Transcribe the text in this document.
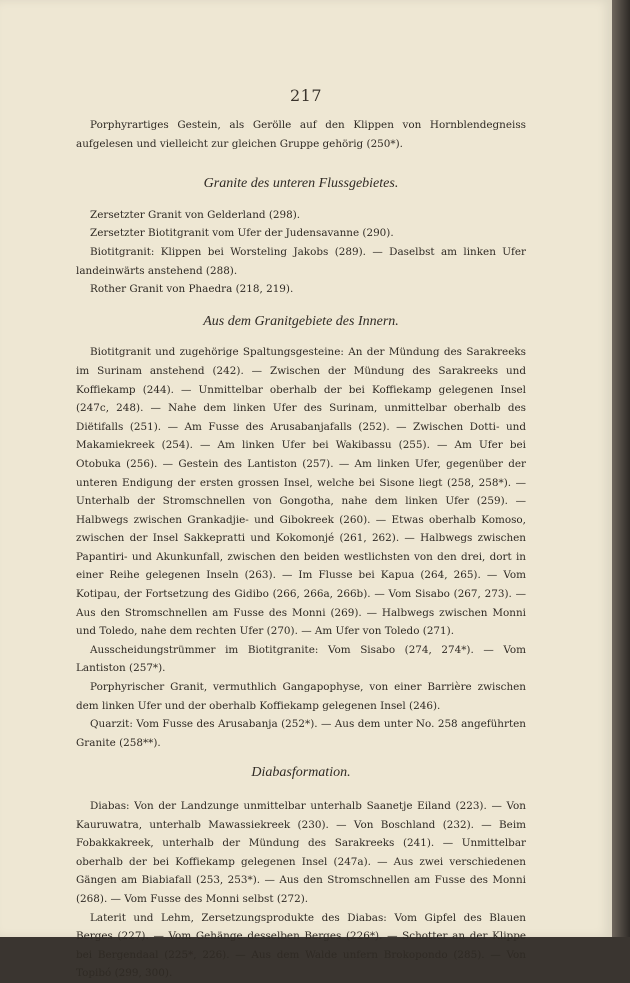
217

Porphyrartiges Gestein, als Gerölle auf den Klippen von Hornblendegneiss aufgelesen und vielleicht zur gleichen Gruppe gehörig (250*).

Granite des unteren Flussgebietes.

Zersetzter Granit von Gelderland (298).

Zersetzter Biotitgranit vom Ufer der Judensavanne (290).

Biotitgranit: Klippen bei Worsteling Jakobs (289). — Daselbst am linken Ufer landeinwärts anstehend (288).

Rother Granit von Phaedra (218, 219).

Aus dem Granitgebiete des Innern.

Biotitgranit und zugehörige Spaltungsgesteine: An der Mündung des Sarakreeks im Surinam anstehend (242). — Zwischen der Mündung des Sarakreeks und Koffiekamp (244). — Unmittelbar oberhalb der bei Koffiekamp gelegenen Insel (247c, 248). — Nahe dem linken Ufer des Surinam, unmittelbar oberhalb des Diëtifalls (251). — Am Fusse des Arusabanjafalls (252). — Zwischen Dotti- und Makamiekreek (254). — Am linken Ufer bei Wakibassu (255). — Am Ufer bei Otobuka (256). — Gestein des Lantiston (257). — Am linken Ufer, gegenüber der unteren Endigung der ersten grossen Insel, welche bei Sisone liegt (258, 258*). — Unterhalb der Stromschnellen von Gongotha, nahe dem linken Ufer (259). — Halbwegs zwischen Grankadjie- und Gibokreek (260). — Etwas oberhalb Komoso, zwischen der Insel Sakkepratti und Kokomonjé (261, 262). — Halbwegs zwischen Papantiri- und Akunkunfall, zwischen den beiden westlichsten von den drei, dort in einer Reihe gelegenen Inseln (263). — Im Flusse bei Kapua (264, 265). — Vom Kotipau, der Fortsetzung des Gidibo (266, 266a, 266b). — Vom Sisabo (267, 273). — Aus den Stromschnellen am Fusse des Monni (269). — Halbwegs zwischen Monni und Toledo, nahe dem rechten Ufer (270). — Am Ufer von Toledo (271).

Ausscheidungstrümmer im Biotitgranite: Vom Sisabo (274, 274*). — Vom Lantiston (257*).

Porphyrischer Granit, vermuthlich Gangapophyse, von einer Barrière zwischen dem linken Ufer und der oberhalb Koffiekamp gelegenen Insel (246).

Quarzit: Vom Fusse des Arusabanja (252*). — Aus dem unter No. 258 angeführten Granite (258**).

Diabasformation.

Diabas: Von der Landzunge unmittelbar unterhalb Saanetje Eiland (223). — Von Kauruwatra, unterhalb Mawassiekreek (230). — Von Boschland (232). — Beim Fobakkakreek, unterhalb der Mündung des Sarakreeks (241). — Unmittelbar oberhalb der bei Koffiekamp gelegenen Insel (247a). — Aus zwei verschiedenen Gängen am Biabiafall (253, 253*). — Aus den Stromschnellen am Fusse des Monni (268). — Vom Fusse des Monni selbst (272).

Laterit und Lehm, Zersetzungsprodukte des Diabas: Vom Gipfel des Blauen Berges (227). — Vom Gehänge desselben Berges (226*). — Schotter an der Klippe bei Bergendaal (225*, 226). — Aus dem Walde unfern Brokopondo (285). — Von Topibó (299, 300).
